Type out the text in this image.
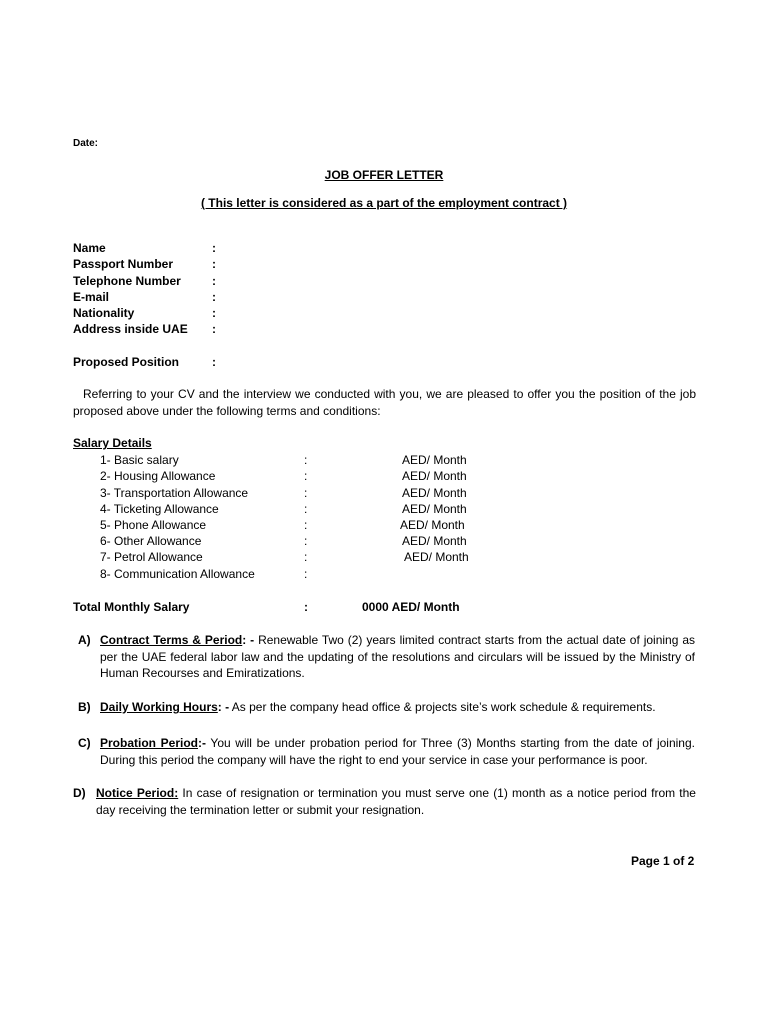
Date:
JOB OFFER LETTER
( This letter is considered as a part of the employment contract )
Name	:
Passport Number	:
Telephone Number	:
E-mail	:
Nationality	:
Address inside UAE :
Proposed Position	:
Referring to your CV and the interview we conducted with you, we are pleased to offer you the position of the job proposed above under the following terms and conditions:
Salary Details
1- Basic salary	:	AED/ Month
2- Housing Allowance	:	AED/ Month
3- Transportation Allowance	:	AED/ Month
4- Ticketing Allowance	:	AED/ Month
5- Phone Allowance	:	AED/ Month
6- Other Allowance	:	AED/ Month
7- Petrol Allowance	:	AED/ Month
8- Communication Allowance	:
Total Monthly Salary	:	0000 AED/ Month
A) Contract Terms & Period: - Renewable Two (2) years limited contract starts from the actual date of joining as per the UAE federal labor law and the updating of the resolutions and circulars will be issued by the Ministry of Human Recourses and Emiratizations.
B) Daily Working Hours: - As per the company head office & projects site’s work schedule & requirements.
C) Probation Period:- You will be under probation period for Three (3) Months starting from the date of joining. During this period the company will have the right to end your service in case your performance is poor.
D) Notice Period: In case of resignation or termination you must serve one (1) month as a notice period from the day receiving the termination letter or submit your resignation.
Page 1 of 2
